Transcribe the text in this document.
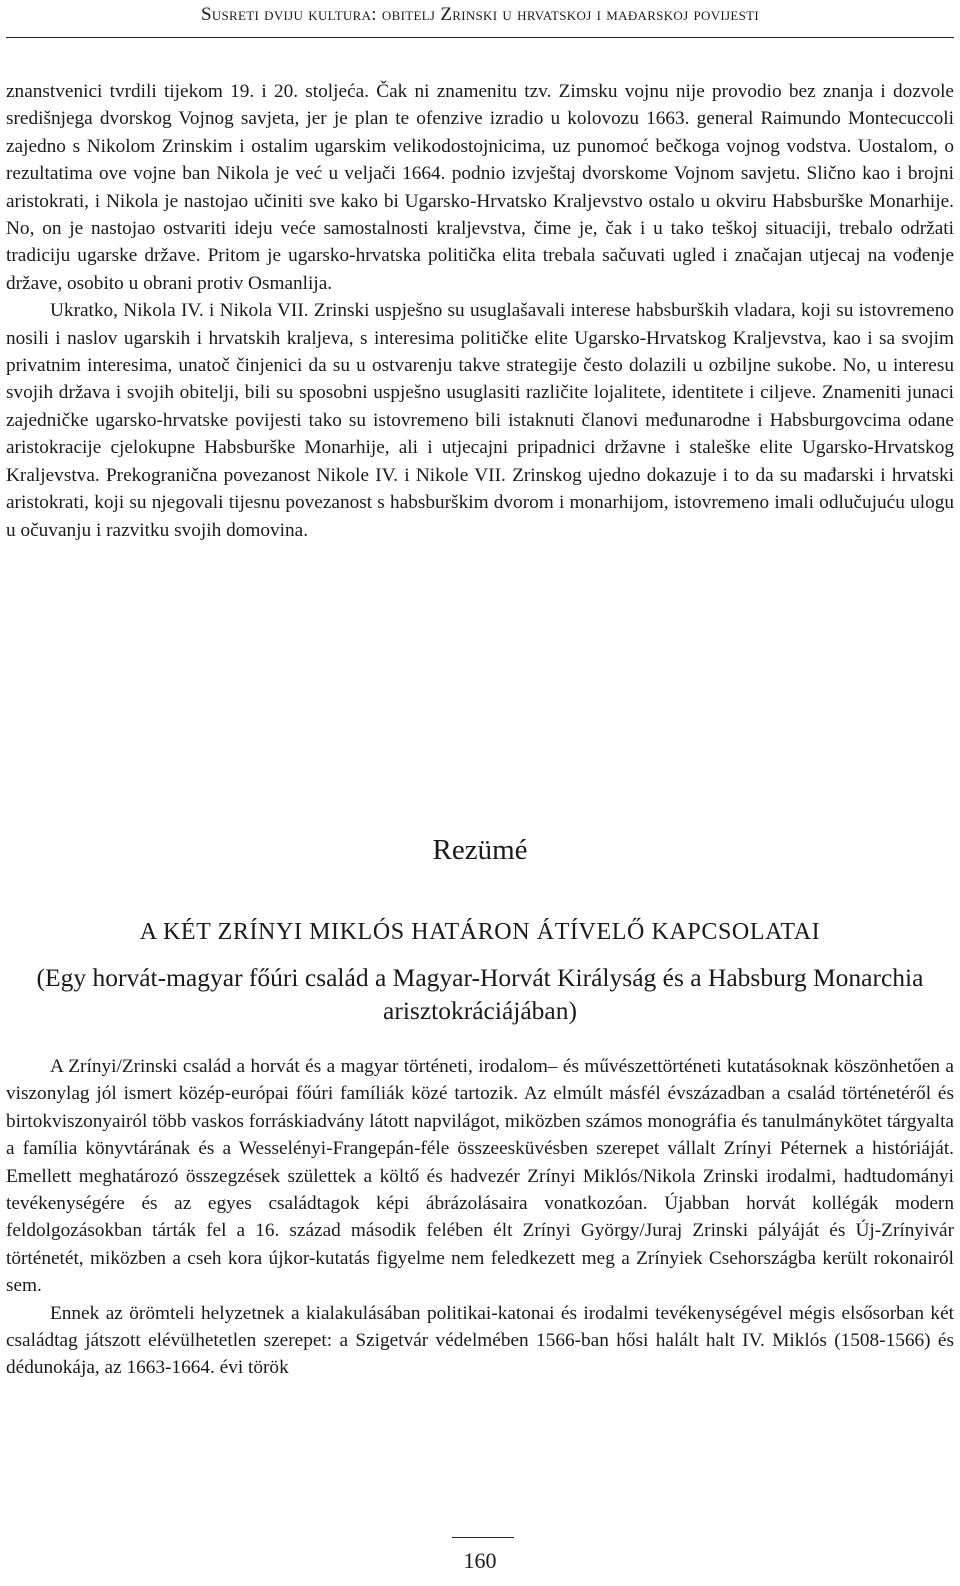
Susreti dviju kultura: obitelj Zrinski u hrvatskoj i mađarskoj povijesti

znanstvenici tvrdili tijekom 19. i 20. stoljeća. Čak ni znamenitu tzv. Zimsku vojnu nije provodio bez znanja i dozvole središnjega dvorskog Vojnog savjeta, jer je plan te ofenzive izradio u kolovozu 1663. general Raimundo Montecuccoli zajedno s Nikolom Zrinskim i ostalim ugarskim velikodostojnicima, uz punomoć bečkoga vojnog vodstva. Uostalom, o rezultatima ove vojne ban Nikola je već u veljači 1664. podnio izvještaj dvorskome Vojnom savjetu. Slično kao i brojni aristokrati, i Nikola je nastojao učiniti sve kako bi Ugarsko-Hrvatsko Kraljevstvo ostalo u okviru Habsburške Monarhije. No, on je nastojao ostvariti ideju veće samostalnosti kraljevstva, čime je, čak i u tako teškoj situaciji, trebalo održati tradiciju ugarske države. Pritom je ugarsko-hrvatska politička elita trebala sačuvati ugled i značajan utjecaj na vođenje države, osobito u obrani protiv Osmanlija.

Ukratko, Nikola IV. i Nikola VII. Zrinski uspješno su usuglašavali interese habsburških vladara, koji su istovremeno nosili i naslov ugarskih i hrvatskih kraljeva, s interesima političke elite Ugarsko-Hrvatskog Kraljevstva, kao i sa svojim privatnim interesima, unatoč činjenici da su u ostvarenju takve strategije često dolazili u ozbiljne sukobe. No, u interesu svojih država i svojih obitelji, bili su sposobni uspješno usuglasiti različite lojalitete, identitete i ciljeve. Znameniti junaci zajedničke ugarsko-hrvatske povijesti tako su istovremeno bili istaknuti članovi međunarodne i Habsburgovcima odane aristokracije cjelokupne Habsburške Monarhije, ali i utjecajni pripadnici državne i staleške elite Ugarsko-Hrvatskog Kraljevstva. Prekogranična povezanost Nikole IV. i Nikole VII. Zrinskog ujedno dokazuje i to da su mađarski i hrvatski aristokrati, koji su njegovali tijesnu povezanost s habsburškim dvorom i monarhijom, istovremeno imali odlučujuću ulogu u očuvanju i razvitku svojih domovina.

Rezümé
A KÉT ZRÍNYI MIKLÓS HATÁRON ÁTÍVELŐ KAPCSOLATAI
(Egy horvát-magyar főúri család a Magyar-Horvát Királyság és a Habsburg Monarchia arisztokráciájában)

A Zrínyi/Zrinski család a horvát és a magyar történeti, irodalom– és művészettörténeti kutatásoknak köszönhetően a viszonylag jól ismert közép-európai főúri famíliák közé tartozik. Az elmúlt másfél évszázadban a család történetéről és birtokviszonyairól több vaskos forráskiadvány látott napvilágot, miközben számos monográfia és tanulmánykötet tárgyalta a família könyvtárának és a Wesselényi-Frangepán-féle összeesküvésben szerepet vállalt Zrínyi Péternek a históriáját. Emellett meghatározó összegzések születtek a költő és hadvezér Zrínyi Miklós/Nikola Zrinski irodalmi, hadtudományi tevékenységére és az egyes családtagok képi ábrázolásaira vonatkozóan. Újabban horvát kollégák modern feldolgozásokban tárták fel a 16. század második felében élt Zrínyi György/Juraj Zrinski pályáját és Új-Zrínyivár történetét, miközben a cseh kora újkor-kutatás figyelme nem feledkezett meg a Zrínyiek Csehországba került rokonairól sem.

Ennek az örömteli helyzetnek a kialakulásában politikai-katonai és irodalmi tevékenységével mégis elsősorban két családtag játszott elévülhetetlen szerepet: a Szigetvár védelmében 1566-ban hősi halált halt IV. Miklós (1508-1566) és dédunokája, az 1663-1664. évi török

160
